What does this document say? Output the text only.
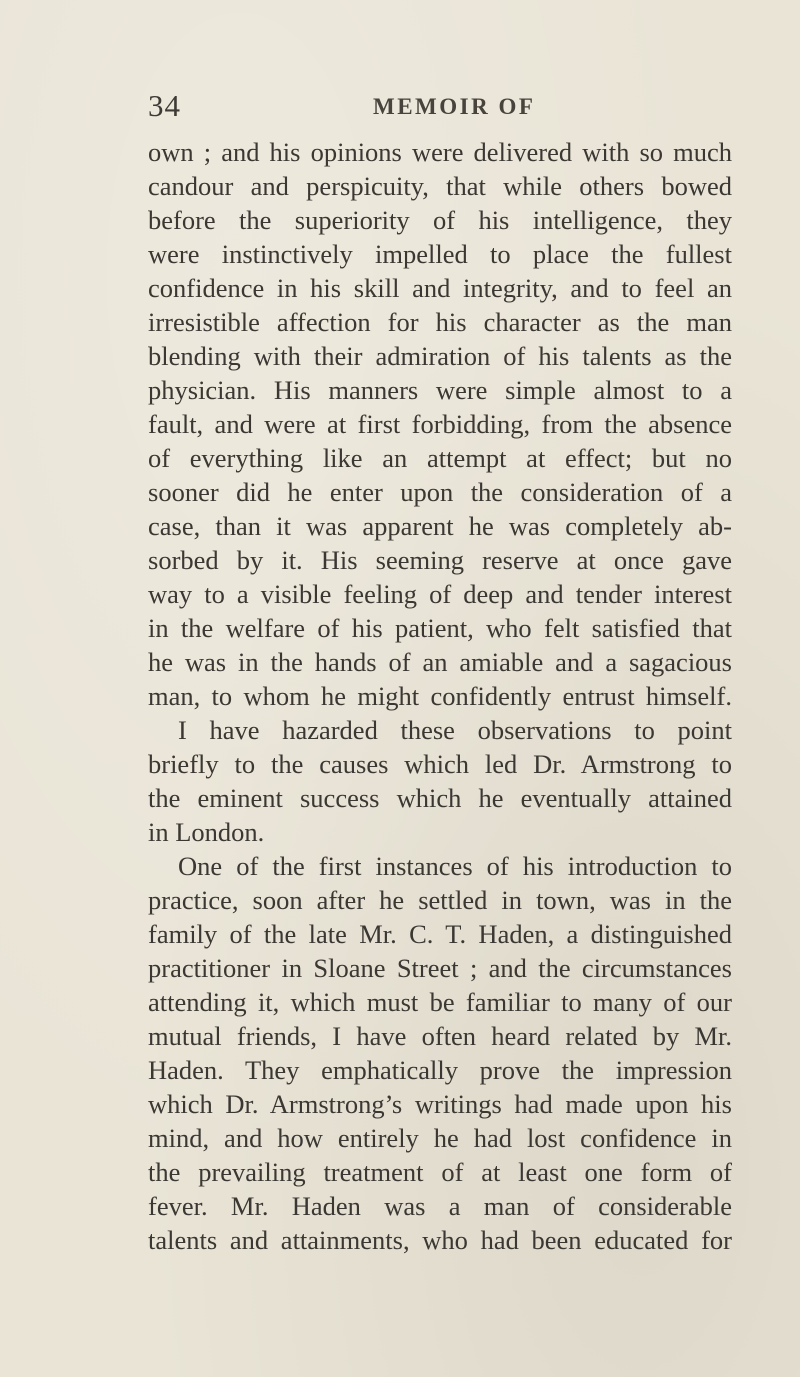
34	MEMOIR OF
own ; and his opinions were delivered with so much
candour and perspicuity, that while others bowed
before the superiority of his intelligence, they
were instinctively impelled to place the fullest
confidence in his skill and integrity, and to feel an
irresistible affection for his character as the man
blending with their admiration of his talents as the
physician. His manners were simple almost to a
fault, and were at first forbidding, from the absence
of everything like an attempt at effect; but no
sooner did he enter upon the consideration of a
case, than it was apparent he was completely ab-
sorbed by it. His seeming reserve at once gave
way to a visible feeling of deep and tender interest
in the welfare of his patient, who felt satisfied that
he was in the hands of an amiable and a sagacious
man, to whom he might confidently entrust himself.
I have hazarded these observations to point
briefly to the causes which led Dr. Armstrong to
the eminent success which he eventually attained
in London.
One of the first instances of his introduction to
practice, soon after he settled in town, was in the
family of the late Mr. C. T. Haden, a distinguished
practitioner in Sloane Street ; and the circumstances
attending it, which must be familiar to many of our
mutual friends, I have often heard related by Mr.
Haden. They emphatically prove the impression
which Dr. Armstrong’s writings had made upon his
mind, and how entirely he had lost confidence in
the prevailing treatment of at least one form of
fever. Mr. Haden was a man of considerable
talents and attainments, who had been educated for
